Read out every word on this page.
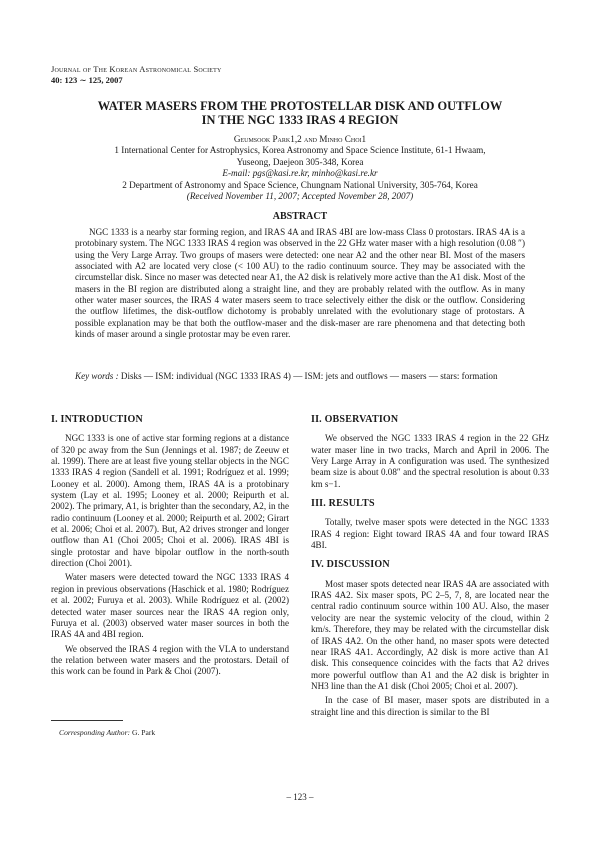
Journal of The Korean Astronomical Society
40: 123 ∼ 125, 2007
WATER MASERS FROM THE PROTOSTELLAR DISK AND OUTFLOW
IN THE NGC 1333 IRAS 4 REGION
Geumsook Park1,2 and Minho Choi1
1 International Center for Astrophysics, Korea Astronomy and Space Science Institute, 61-1 Hwaam,
Yuseong, Daejeon 305-348, Korea
E-mail: pgs@kasi.re.kr, minho@kasi.re.kr
2 Department of Astronomy and Space Science, Chungnam National University, 305-764, Korea
(Received November 11, 2007; Accepted November 28, 2007)
ABSTRACT
NGC 1333 is a nearby star forming region, and IRAS 4A and IRAS 4BI are low-mass Class 0 protostars. IRAS 4A is a protobinary system. The NGC 1333 IRAS 4 region was observed in the 22 GHz water maser with a high resolution (0.08 ″) using the Very Large Array. Two groups of masers were detected: one near A2 and the other near BI. Most of the masers associated with A2 are located very close (< 100 AU) to the radio continuum source. They may be associated with the circumstellar disk. Since no maser was detected near A1, the A2 disk is relatively more active than the A1 disk. Most of the masers in the BI region are distributed along a straight line, and they are probably related with the outflow. As in many other water maser sources, the IRAS 4 water masers seem to trace selectively either the disk or the outflow. Considering the outflow lifetimes, the disk-outflow dichotomy is probably unrelated with the evolutionary stage of protostars. A possible explanation may be that both the outflow-maser and the disk-maser are rare phenomena and that detecting both kinds of maser around a single protostar may be even rarer.
Key words : Disks — ISM: individual (NGC 1333 IRAS 4) — ISM: jets and outflows — masers — stars: formation
I. INTRODUCTION

NGC 1333 is one of active star forming regions at a distance of 320 pc away from the Sun (Jennings et al. 1987; de Zeeuw et al. 1999). There are at least five young stellar objects in the NGC 1333 IRAS 4 region (Sandell et al. 1991; Rodríguez et al. 1999; Looney et al. 2000). Among them, IRAS 4A is a protobinary system (Lay et al. 1995; Looney et al. 2000; Reipurth et al. 2002). The primary, A1, is brighter than the secondary, A2, in the radio continuum (Looney et al. 2000; Reipurth et al. 2002; Girart et al. 2006; Choi et al. 2007). But, A2 drives stronger and longer outflow than A1 (Choi 2005; Choi et al. 2006). IRAS 4BI is single protostar and have bipolar outflow in the north-south direction (Choi 2001).

Water masers were detected toward the NGC 1333 IRAS 4 region in previous observations (Haschick et al. 1980; Rodríguez et al. 2002; Furuya et al. 2003). While Rodríguez et al. (2002) detected water maser sources near the IRAS 4A region only, Furuya et al. (2003) observed water maser sources in both the IRAS 4A and 4BI region.

We observed the IRAS 4 region with the VLA to understand the relation between water masers and the protostars. Detail of this work can be found in Park & Choi (2007).

II. OBSERVATION

We observed the NGC 1333 IRAS 4 region in the 22 GHz water maser line in two tracks, March and April in 2006. The Very Large Array in A configuration was used. The synthesized beam size is about 0.08″ and the spectral resolution is about 0.33 km s−1.

III. RESULTS

Totally, twelve maser spots were detected in the NGC 1333 IRAS 4 region: Eight toward IRAS 4A and four toward IRAS 4BI.

IV. DISCUSSION

Most maser spots detected near IRAS 4A are associated with IRAS 4A2. Six maser spots, PC 2–5, 7, 8, are located near the central radio continuum source within 100 AU. Also, the maser velocity are near the systemic velocity of the cloud, within 2 km/s. Therefore, they may be related with the circumstellar disk of IRAS 4A2. On the other hand, no maser spots were detected near IRAS 4A1. Accordingly, A2 disk is more active than A1 disk. This consequence coincides with the facts that A2 drives more powerful outflow than A1 and the A2 disk is brighter in NH3 line than the A1 disk (Choi 2005; Choi et al. 2007).

In the case of BI maser, maser spots are distributed in a straight line and this direction is similar to the BI

Corresponding Author: G. Park
– 123 –
